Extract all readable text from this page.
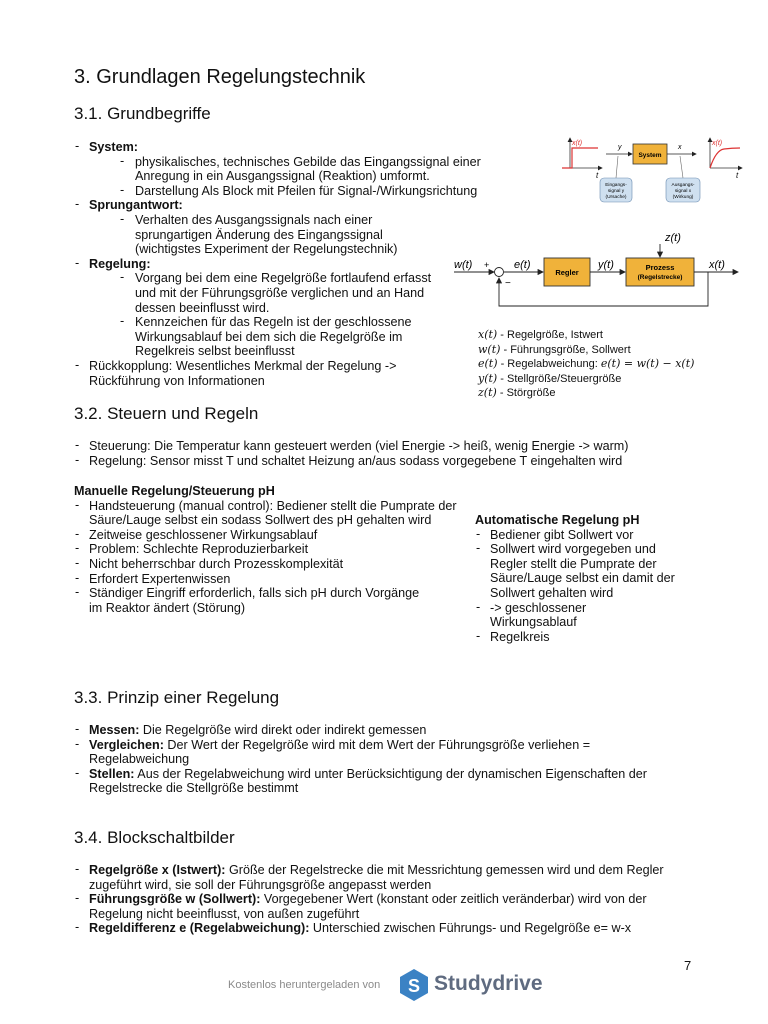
3. Grundlagen Regelungstechnik
3.1. Grundbegriffe
- System:
- physikalisches, technisches Gebilde das Eingangssignal einer Anregung in ein Ausgangssignal (Reaktion) umformt.
- Darstellung Als Block mit Pfeilen für Signal-/Wirkungsrichtung
- Sprungantwort:
- Verhalten des Ausgangssignals nach einer sprungartigen Änderung des Eingangssignal (wichtigstes Experiment der Regelungstechnik)
- Regelung:
- Vorgang bei dem eine Regelgröße fortlaufend erfasst und mit der Führungsgröße verglichen und an Hand dessen beeinflusst wird.
- Kennzeichen für das Regeln ist der geschlossene Wirkungsablauf bei dem sich die Regelgröße im Regelkreis selbst beeinflusst
- Rückkopplung: Wesentliches Merkmal der Regelung -> Rückführung von Informationen
x(t)
t
y
System
x
Eingangs-
signal y
(Ursache)
Ausgangs-
signal x
(Wirkung)
x(t)
t
w(t) +
−
e(t)
Regler
y(t)	Prozess
(Regelstrecke)
z(t)
x(t)
x(t) - Regelgröße, Istwert
w(t) - Führungsgröße, Sollwert
e(t) - Regelabweichung: e(t) = w(t) − x(t)
y(t) - Stellgröße/Steuergröße
z(t) - Störgröße
3.2. Steuern und Regeln
- Steuerung: Die Temperatur kann gesteuert werden (viel Energie -> heiß, wenig Energie -> warm)
- Regelung: Sensor misst T und schaltet Heizung an/aus sodass vorgegebene T eingehalten wird
Manuelle Regelung/Steuerung pH
- Handsteuerung (manual control): Bediener stellt die Pumprate der Säure/Lauge selbst ein sodass Sollwert des pH gehalten wird
- Zeitweise geschlossener Wirkungsablauf
- Problem: Schlechte Reproduzierbarkeit
- Nicht beherrschbar durch Prozesskomplexität
- Erfordert Expertenwissen
- Ständiger Eingriff erforderlich, falls sich pH durch Vorgänge im Reaktor ändert (Störung)
Automatische Regelung pH
- Bediener gibt Sollwert vor
- Sollwert wird vorgegeben und Regler stellt die Pumprate der Säure/Lauge selbst ein damit der Sollwert gehalten wird
- -> geschlossener Wirkungsablauf
- Regelkreis
3.3. Prinzip einer Regelung
- Messen: Die Regelgröße wird direkt oder indirekt gemessen
- Vergleichen: Der Wert der Regelgröße wird mit dem Wert der Führungsgröße verliehen = Regelabweichung
- Stellen: Aus der Regelabweichung wird unter Berücksichtigung der dynamischen Eigenschaften der Regelstrecke die Stellgröße bestimmt
3.4. Blockschaltbilder
- Regelgröße x (Istwert): Größe der Regelstrecke die mit Messrichtung gemessen wird und dem Regler zugeführt wird, sie soll der Führungsgröße angepasst werden
- Führungsgröße w (Sollwert): Vorgegebener Wert (konstant oder zeitlich veränderbar) wird von der Regelung nicht beeinflusst, von außen zugeführt
- Regeldifferenz e (Regelabweichung): Unterschied zwischen Führungs- und Regelgröße e= w-x
7
Kostenlos heruntergeladen von S Studydrive
